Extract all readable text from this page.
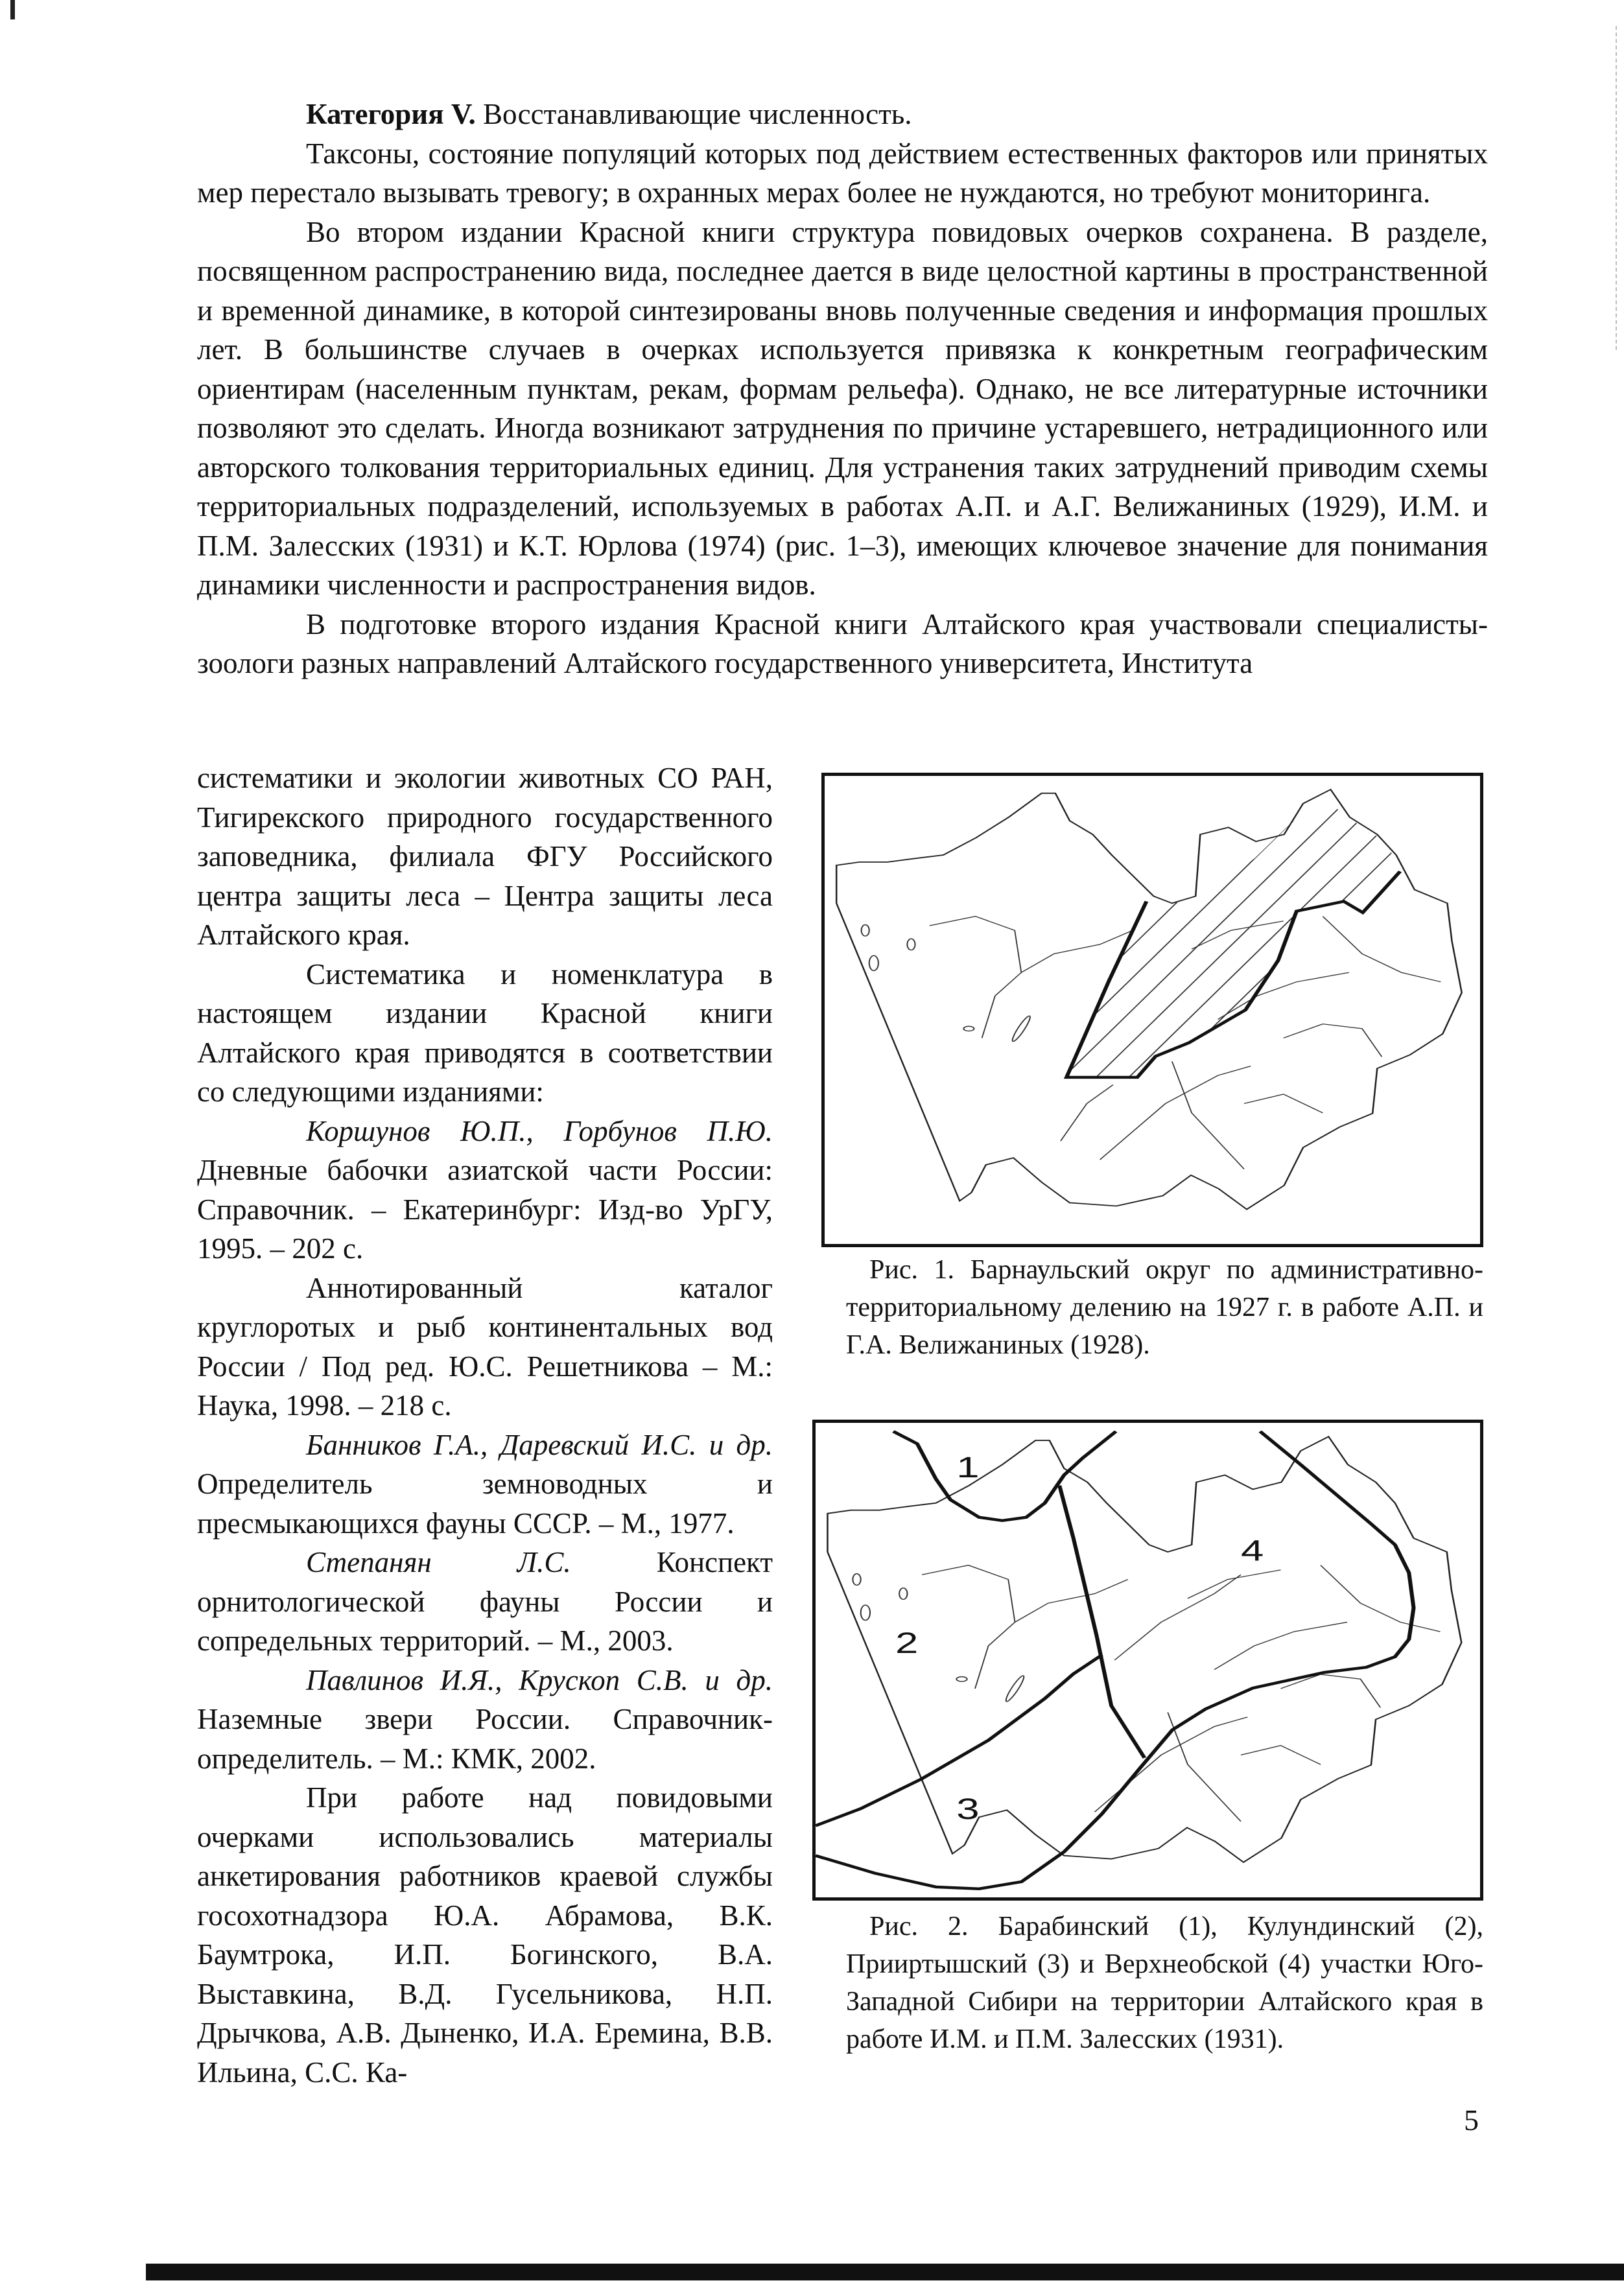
Категория V. Восстанавливающие численность.

Таксоны, состояние популяций которых под действием естественных факторов или принятых мер перестало вызывать тревогу; в охранных мерах более не нуждаются, но требуют мониторинга.

Во втором издании Красной книги структура повидовых очерков сохранена. В разделе, посвященном распространению вида, последнее дается в виде целостной картины в пространственной и временной динамике, в которой синтезированы вновь полученные сведения и информация прошлых лет. В большинстве случаев в очерках используется привязка к конкретным географическим ориентирам (населенным пунктам, рекам, формам рельефа). Однако, не все литературные источники позволяют это сделать. Иногда возникают затруднения по причине устаревшего, нетрадиционного или авторского толкования территориальных единиц. Для устранения таких затруднений приводим схемы территориальных подразделений, используемых в работах А.П. и А.Г. Велижаниных (1929), И.М. и П.М. Залесских (1931) и К.Т. Юрлова (1974) (рис. 1–3), имеющих ключевое значение для понимания динамики численности и распространения видов.

В подготовке второго издания Красной книги Алтайского края участвовали специалисты-зоологи разных направлений Алтайского государственного университета, Института

систематики и экологии животных СО РАН, Тигирекского природного государственного заповедника, филиала ФГУ Российского центра защиты леса – Центра защиты леса Алтайского края.

Систематика и номенклатура в настоящем издании Красной книги Алтайского края приводятся в соответствии со следующими изданиями:

Коршунов Ю.П., Горбунов П.Ю. Дневные бабочки азиатской части России: Справочник. – Екатеринбург: Изд-во УрГУ, 1995. – 202 с.

Аннотированный каталог круглоротых и рыб континентальных вод России / Под ред. Ю.С. Решетникова – М.: Наука, 1998. – 218 с.

Банников Г.А., Даревский И.С. и др. Определитель земноводных и пресмыкающихся фауны СССР. – М., 1977.

Степанян Л.С. Конспект орнитологической фауны России и сопредельных территорий. – М., 2003.

Павлинов И.Я., Крускоп С.В. и др. Наземные звери России. Справочник-определитель. – М.: КМК, 2002.

При работе над повидовыми очерками использовались материалы анкетирования работников краевой службы госохотнадзора Ю.А. Абрамова, В.К. Баумтрока, И.П. Богинского, В.А. Выставкина, В.Д. Гусельникова, Н.П. Дрычкова, А.В. Дыненко, И.А. Еремина, В.В. Ильина, С.С. Ка-

Рис. 1. Барнаульский округ по административно-территориальному делению на 1927 г. в работе А.П. и Г.А. Велижаниных (1928).

1
2
3
4

Рис. 2. Барабинский (1), Кулундинский (2), Прииртышский (3) и Верхнеобской (4) участки Юго-Западной Сибири на территории Алтайского края в работе И.М. и П.М. Залесских (1931).

5
